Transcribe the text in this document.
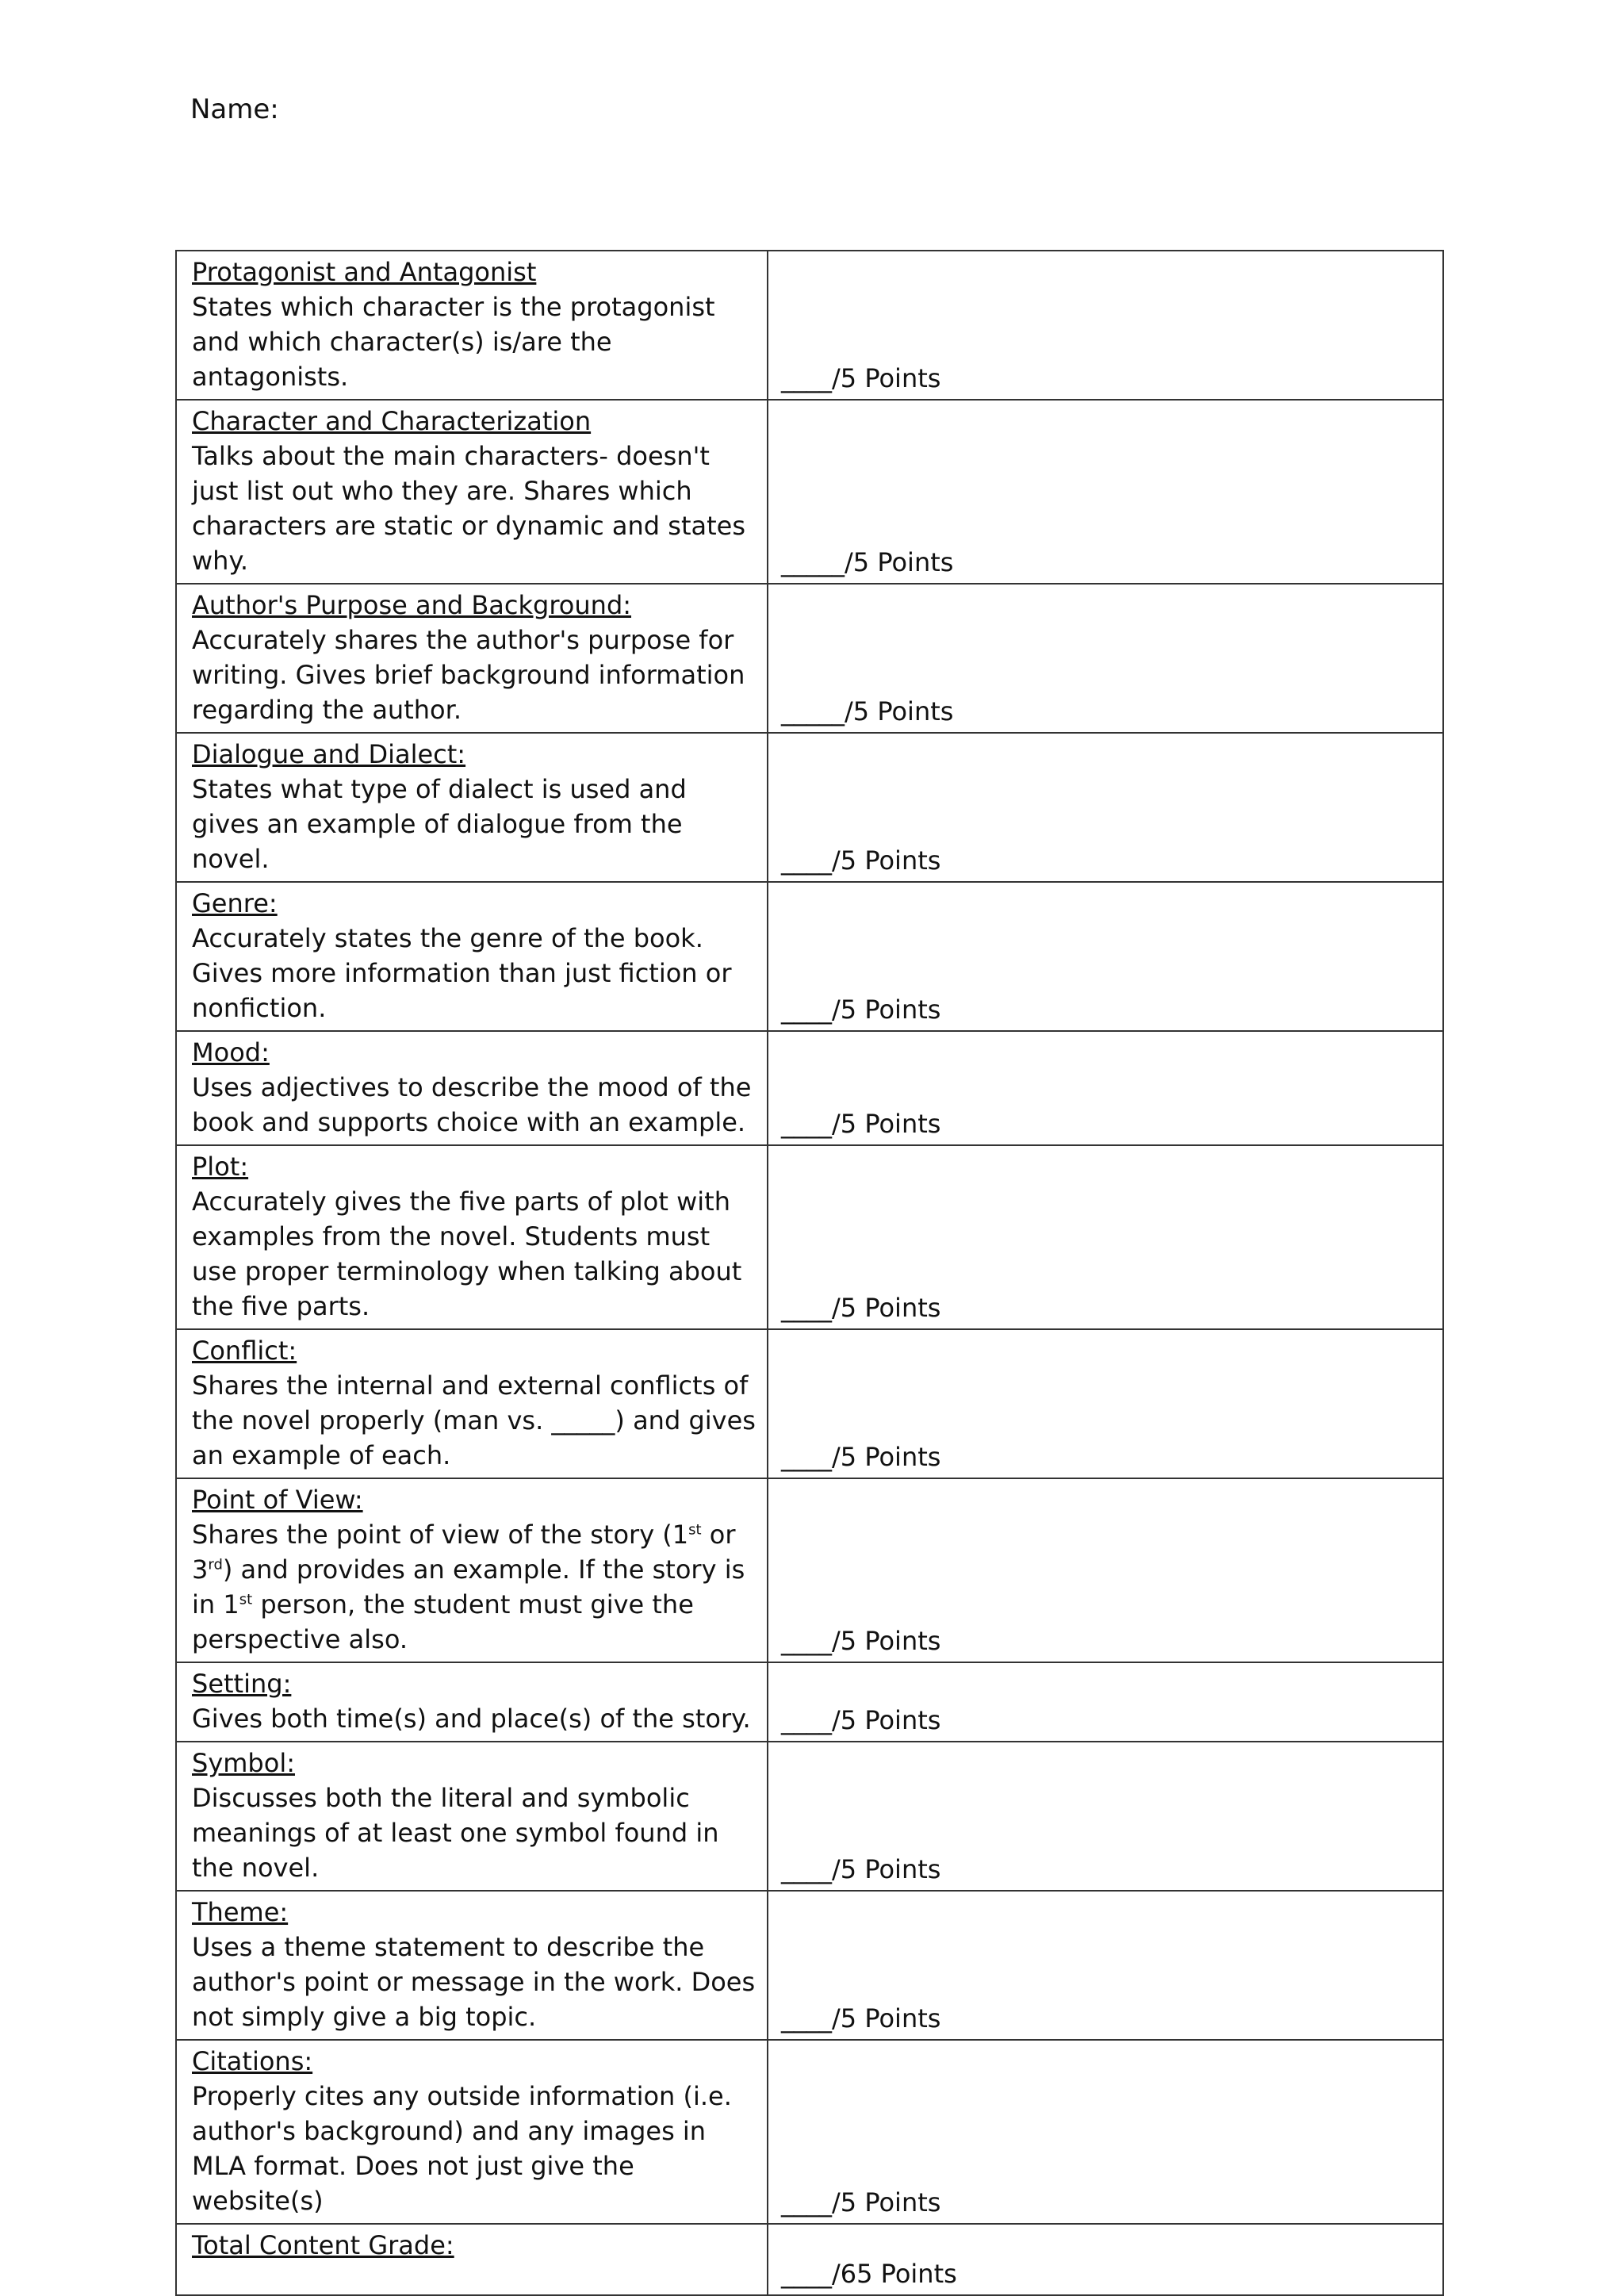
Name:
Protagonist and Antagonist
States which character is the protagonist and which character(s) is/are the antagonists.	____/5 Points

Character and Characterization
Talks about the main characters- doesn't just list out who they are. Shares which characters are static or dynamic and states why.	_____/5 Points

Author's Purpose and Background:
Accurately shares the author's purpose for writing. Gives brief background information regarding the author.	_____/5 Points

Dialogue and Dialect:
States what type of dialect is used and gives an example of dialogue from the novel.	____/5 Points

Genre:
Accurately states the genre of the book. Gives more information than just fiction or nonfiction.	____/5 Points

Mood:
Uses adjectives to describe the mood of the book and supports choice with an example.	____/5 Points

Plot:
Accurately gives the five parts of plot with examples from the novel. Students must use proper terminology when talking about the five parts.	____/5 Points

Conflict:
Shares the internal and external conflicts of the novel properly (man vs. _____) and gives an example of each.	____/5 Points

Point of View:
Shares the point of view of the story (1st or 3rd) and provides an example. If the story is in 1st person, the student must give the perspective also.	____/5 Points

Setting:
Gives both time(s) and place(s) of the story.	____/5 Points

Symbol:
Discusses both the literal and symbolic meanings of at least one symbol found in the novel.	____/5 Points

Theme:
Uses a theme statement to describe the author's point or message in the work. Does not simply give a big topic.	____/5 Points

Citations:
Properly cites any outside information (i.e. author's background) and any images in MLA format. Does not just give the website(s)	____/5 Points

Total Content Grade:	____/65 Points
